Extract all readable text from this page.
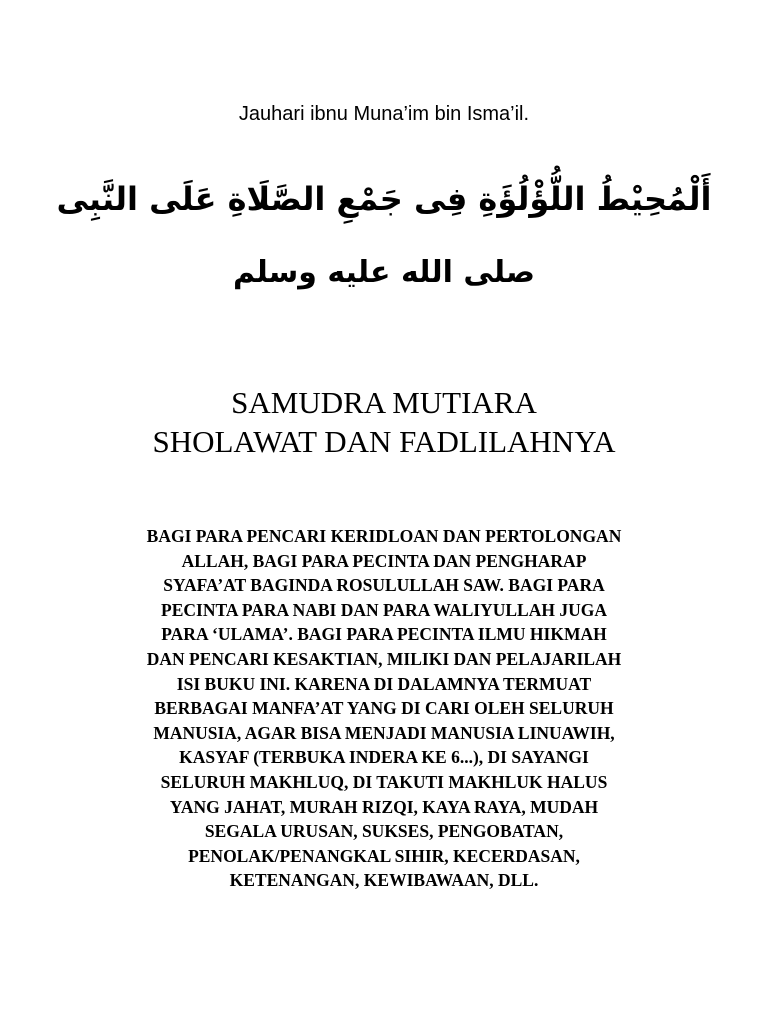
Jauhari ibnu Muna’im bin Isma’il.
أَلْمُحِيْطُ اللُّؤْلُؤَةِ فِى جَمْعِ الصَّلَاةِ عَلَى النَّبِى
صلى الله عليه وسلم
SAMUDRA MUTIARA
SHOLAWAT DAN FADLILAHNYA
BAGI PARA PENCARI KERIDLOAN DAN PERTOLONGAN
ALLAH, BAGI PARA PECINTA DAN PENGHARAP
SYAFA’AT BAGINDA ROSULULLAH SAW. BAGI PARA
PECINTA PARA NABI DAN PARA WALIYULLAH JUGA
PARA ‘ULAMA’. BAGI PARA PECINTA ILMU HIKMAH
DAN PENCARI KESAKTIAN, MILIKI DAN PELAJARILAH
ISI BUKU INI. KARENA DI DALAMNYA TERMUAT
BERBAGAI MANFA’AT YANG DI CARI OLEH SELURUH
MANUSIA, AGAR BISA MENJADI MANUSIA LINUAWIH,
KASYAF (TERBUKA INDERA KE 6...), DI SAYANGI
SELURUH MAKHLUQ, DI TAKUTI MAKHLUK HALUS
YANG JAHAT, MURAH RIZQI, KAYA RAYA, MUDAH
SEGALA URUSAN, SUKSES, PENGOBATAN,
PENOLAK/PENANGKAL SIHIR, KECERDASAN,
KETENANGAN, KEWIBAWAAN, DLL.
